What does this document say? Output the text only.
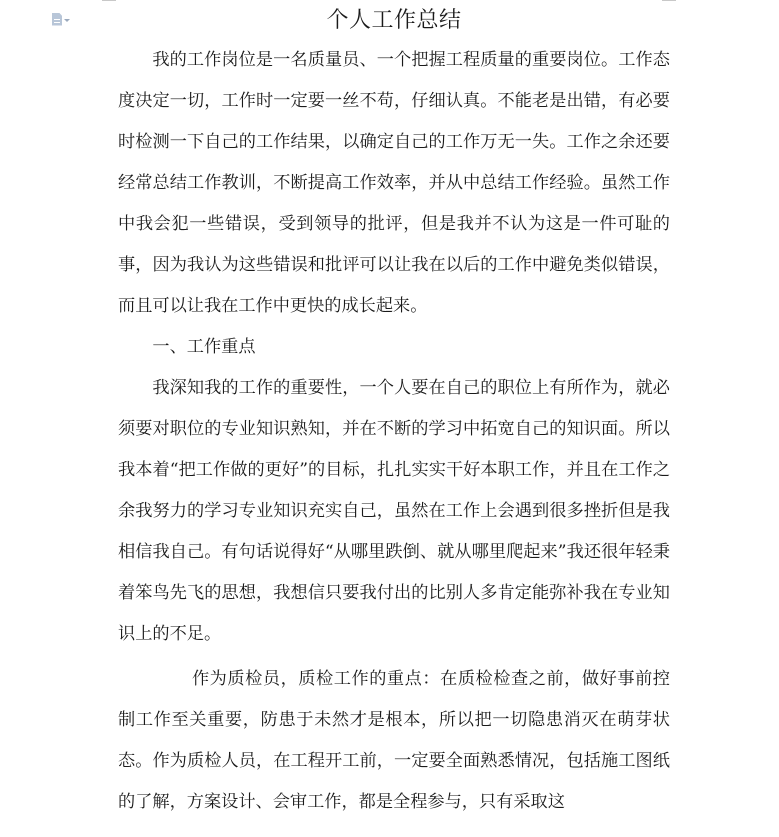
个人工作总结

我的工作岗位是一名质量员、一个把握工程质量的重要岗位。工作态度决定一切，工作时一定要一丝不苟，仔细认真。不能老是出错，有必要时检测一下自己的工作结果，以确定自己的工作万无一失。工作之余还要经常总结工作教训，不断提高工作效率，并从中总结工作经验。虽然工作中我会犯一些错误，受到领导的批评，但是我并不认为这是一件可耻的事，因为我认为这些错误和批评可以让我在以后的工作中避免类似错误，而且可以让我在工作中更快的成长起来。

一、工作重点

我深知我的工作的重要性，一个人要在自己的职位上有所作为，就必须要对职位的专业知识熟知，并在不断的学习中拓宽自己的知识面。所以我本着“把工作做的更好”的目标，扎扎实实干好本职工作，并且在工作之余我努力的学习专业知识充实自己，虽然在工作上会遇到很多挫折但是我相信我自己。有句话说得好“从哪里跌倒、就从哪里爬起来”我还很年轻秉着笨鸟先飞的思想，我想信只要我付出的比别人多肯定能弥补我在专业知识上的不足。

作为质检员，质检工作的重点：在质检检查之前，做好事前控制工作至关重要，防患于未然才是根本，所以把一切隐患消灭在萌芽状态。作为质检人员，在工程开工前，一定要全面熟悉情况，包括施工图纸的了解，方案设计、会审工作，都是全程参与，只有采取这
